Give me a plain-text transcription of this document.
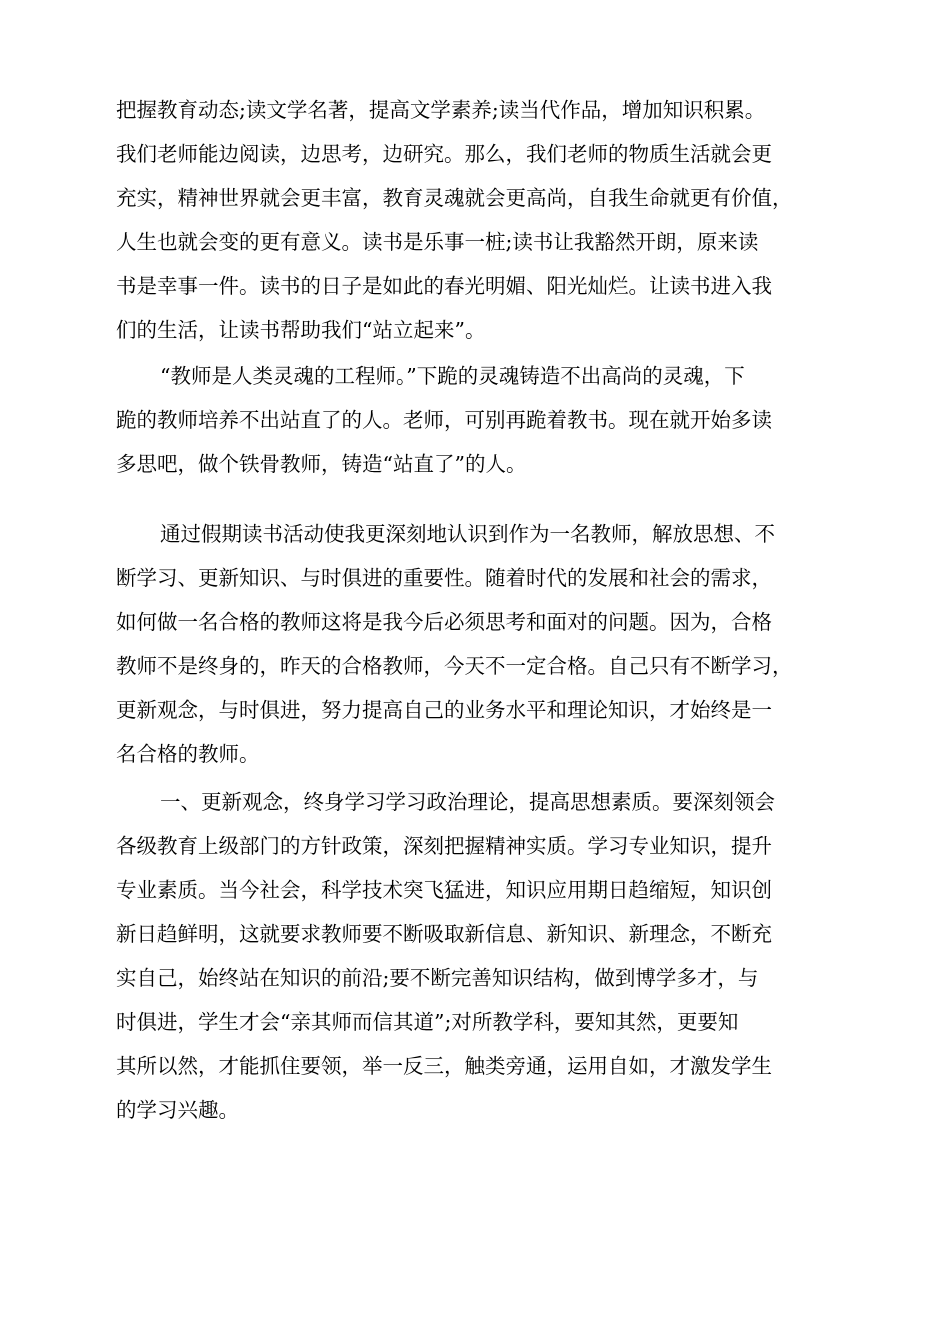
把握教育动态;读文学名著，提高文学素养;读当代作品，增加知识积累。
我们老师能边阅读，边思考，边研究。那么，我们老师的物质生活就会更
充实，精神世界就会更丰富，教育灵魂就会更高尚，自我生命就更有价值，
人生也就会变的更有意义。读书是乐事一桩;读书让我豁然开朗，原来读
书是幸事一件。读书的日子是如此的春光明媚、阳光灿烂。让读书进入我
们的生活，让读书帮助我们“站立起来”。
“教师是人类灵魂的工程师。”下跪的灵魂铸造不出高尚的灵魂，下
跪的教师培养不出站直了的人。老师，可别再跪着教书。现在就开始多读
多思吧，做个铁骨教师，铸造“站直了”的人。
通过假期读书活动使我更深刻地认识到作为一名教师，解放思想、不
断学习、更新知识、与时俱进的重要性。随着时代的发展和社会的需求，
如何做一名合格的教师这将是我今后必须思考和面对的问题。因为，合格
教师不是终身的，昨天的合格教师，今天不一定合格。自己只有不断学习，
更新观念，与时俱进，努力提高自己的业务水平和理论知识，才始终是一
名合格的教师。
一、更新观念，终身学习学习政治理论，提高思想素质。要深刻领会
各级教育上级部门的方针政策，深刻把握精神实质。学习专业知识，提升
专业素质。当今社会，科学技术突飞猛进，知识应用期日趋缩短，知识创
新日趋鲜明，这就要求教师要不断吸取新信息、新知识、新理念，不断充
实自己，始终站在知识的前沿;要不断完善知识结构，做到博学多才，与
时俱进，学生才会“亲其师而信其道”;对所教学科，要知其然，更要知
其所以然，才能抓住要领，举一反三，触类旁通，运用自如，才激发学生
的学习兴趣。
